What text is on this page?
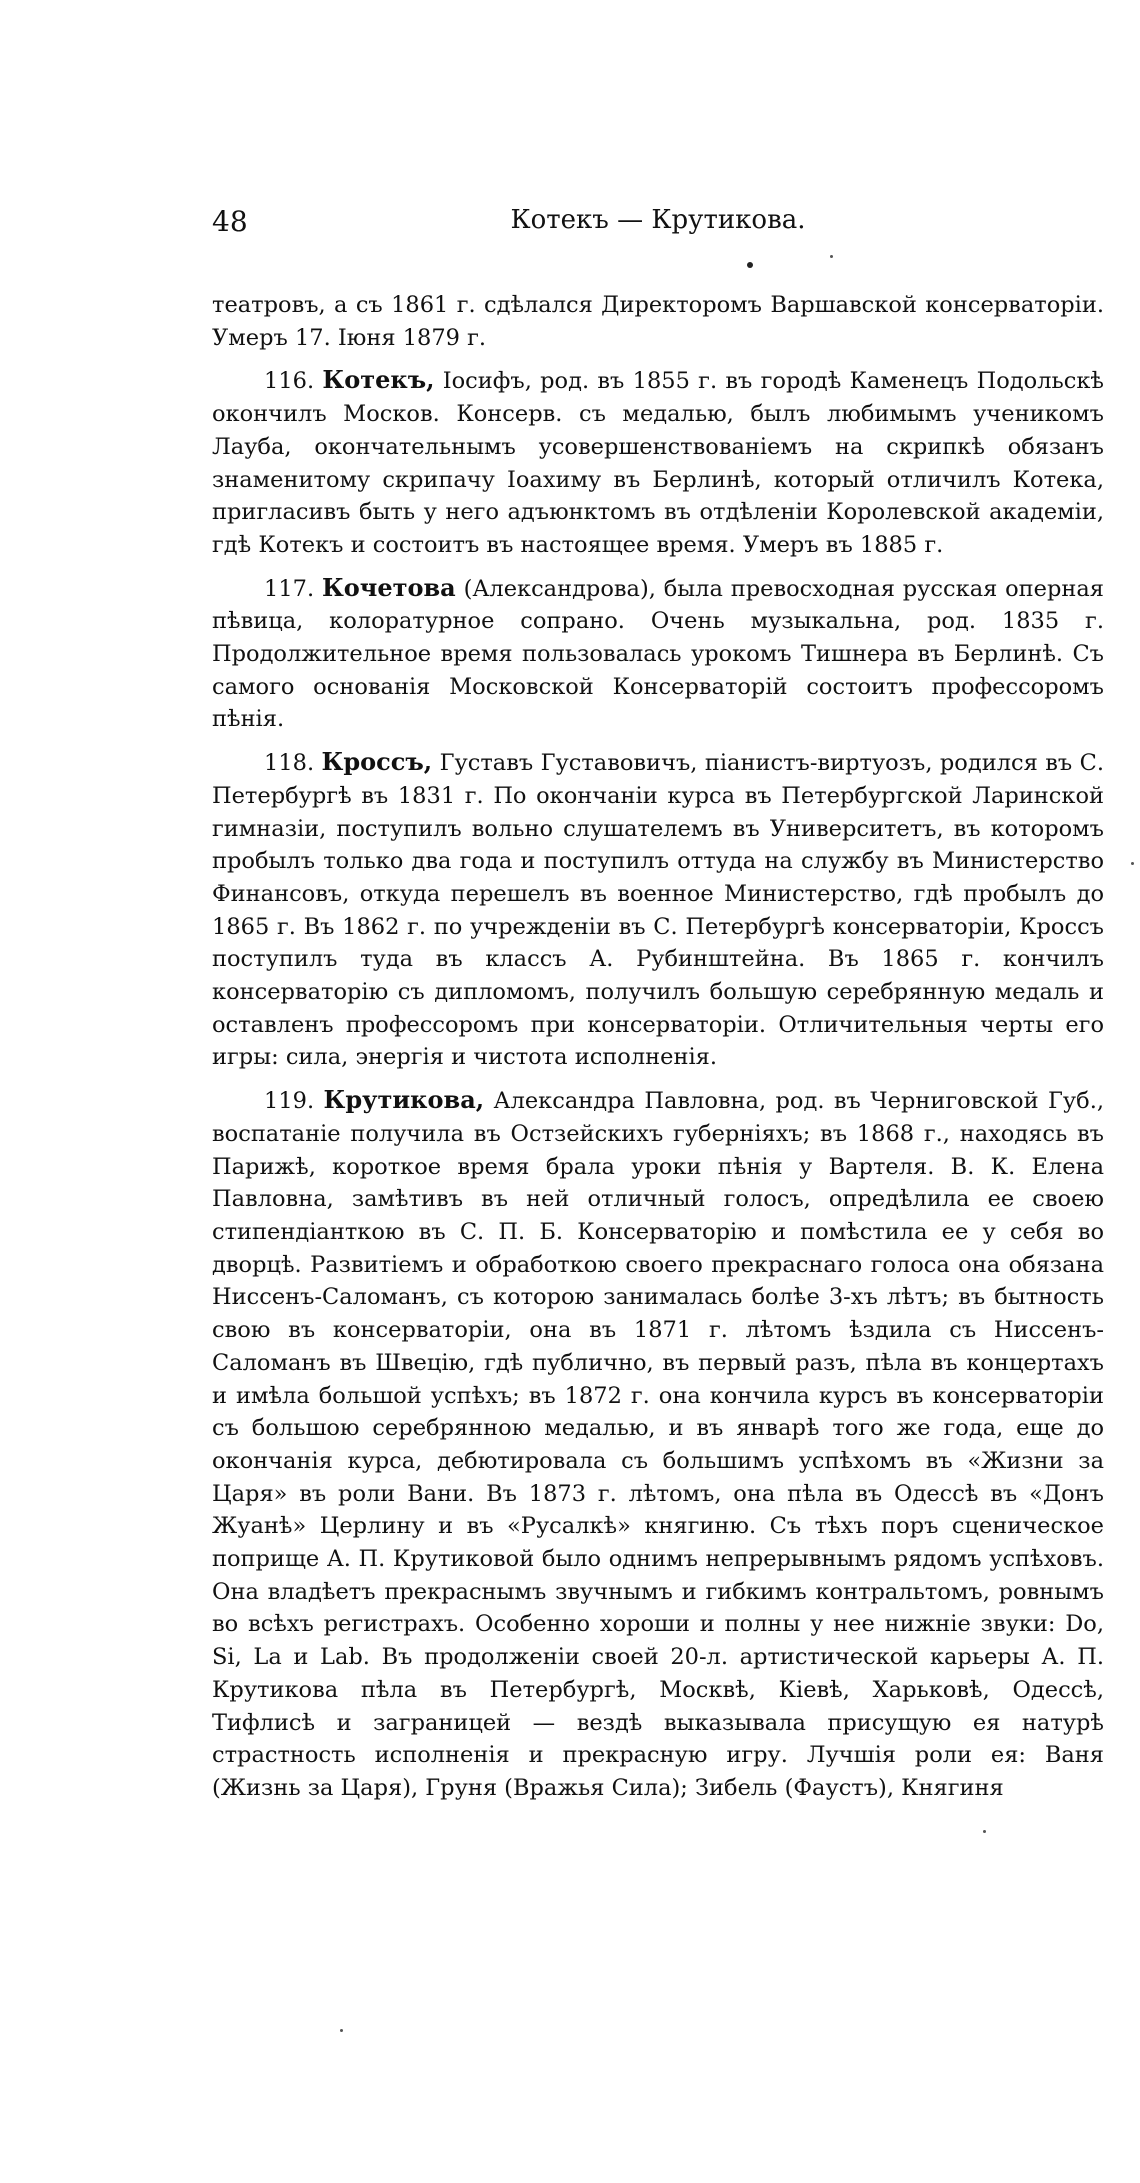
48	Котекъ — Крутикова.

театровъ, а съ 1861 г. сдѣлался Директоромъ Варшавской консерваторіи. Умеръ 17. Іюня 1879 г.

116. Котекъ, Іосифъ, род. въ 1855 г. въ городѣ Каменецъ Подольскѣ окончилъ Москов. Консерв. съ медалью, былъ любимымъ ученикомъ Лауба, окончательнымъ усовершенствованіемъ на скрипкѣ обязанъ знаменитому скрипачу Іоахиму въ Берлинѣ, который отличилъ Котека, пригласивъ быть у него адъюнктомъ въ отдѣленіи Королевской академіи, гдѣ Котекъ и состоитъ въ настоящее время. Умеръ въ 1885 г.

117. Кочетова (Александрова), была превосходная русская оперная пѣвица, колоратурное сопрано. Очень музыкальна, род. 1835 г. Продолжительное время пользовалась урокомъ Тишнера въ Берлинѣ. Съ самого основанія Московской Консерваторій состоитъ профессоромъ пѣнія.

118. Кроссъ, Густавъ Густавовичъ, піанистъ-виртуозъ, родился въ С. Петербургѣ въ 1831 г. По окончаніи курса въ Петербургской Ларинской гимназіи, поступилъ вольно слушателемъ въ Университетъ, въ которомъ пробылъ только два года и поступилъ оттуда на службу въ Министерство Финансовъ, откуда перешелъ въ военное Министерство, гдѣ пробылъ до 1865 г. Въ 1862 г. по учрежденіи въ С. Петербургѣ консерваторіи, Кроссъ поступилъ туда въ классъ А. Рубинштейна. Въ 1865 г. кончилъ консерваторію съ дипломомъ, получилъ большую серебрянную медаль и оставленъ профессоромъ при консерваторіи. Отличительныя черты его игры: сила, энергія и чистота исполненія.

119. Крутикова, Александра Павловна, род. въ Черниговской Губ., воспатаніе получила въ Остзейскихъ губерніяхъ; въ 1868 г., находясь въ Парижѣ, короткое время брала уроки пѣнія у Вартеля. В. К. Елена Павловна, замѣтивъ въ ней отличный голосъ, опредѣлила ее своею стипендіанткою въ С. П. Б. Консерваторію и помѣстила ее у себя во дворцѣ. Развитіемъ и обработкою своего прекраснаго голоса она обязана Ниссенъ-Саломанъ, съ которою занималась болѣе 3-хъ лѣтъ; въ бытность свою въ консерваторіи, она въ 1871 г. лѣтомъ ѣздила съ Ниссенъ-Саломанъ въ Швецію, гдѣ публично, въ первый разъ, пѣла въ концертахъ и имѣла большой успѣхъ; въ 1872 г. она кончила курсъ въ консерваторіи съ большою серебрянною медалью, и въ январѣ того же года, еще до окончанія курса, дебютировала съ большимъ успѣхомъ въ «Жизни за Царя» въ роли Вани. Въ 1873 г. лѣтомъ, она пѣла въ Одессѣ въ «Донъ Жуанѣ» Церлину и въ «Русалкѣ» княгиню. Съ тѣхъ поръ сценическое поприще А. П. Крутиковой было однимъ непрерывнымъ рядомъ успѣховъ. Она владѣетъ прекраснымъ звучнымъ и гибкимъ контральтомъ, ровнымъ во всѣхъ регистрахъ. Особенно хороши и полны у нее нижніе звуки: Do, Si, La и Lab. Въ продолженіи своей 20-л. артистической карьеры А. П. Крутикова пѣла въ Петербургѣ, Москвѣ, Кіевѣ, Харьковѣ, Одессѣ, Тифлисѣ и заграницей — вездѣ выказывала присущую ея натурѣ страстность исполненія и прекрасную игру. Лучшія роли ея: Ваня (Жизнь за Царя), Груня (Вражья Сила); Зибель (Фаустъ), Княгиня
